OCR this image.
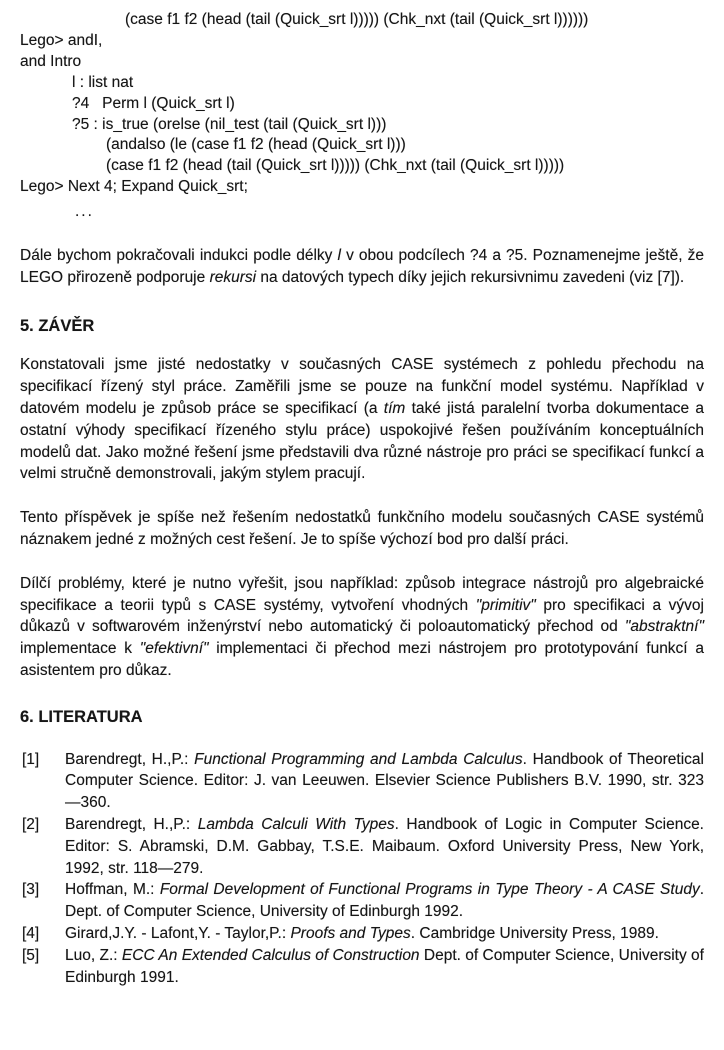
(case f1 f2 (head (tail (Quick_srt l))))) (Chk_nxt (tail (Quick_srt l))))))
Lego> andI,
and Intro
l : list nat
?4   Perm l (Quick_srt l)
?5 : is_true (orelse (nil_test (tail (Quick_srt l)))
(andalso (le (case f1 f2 (head (Quick_srt l)))
(case f1 f2 (head (tail (Quick_srt l))))) (Chk_nxt (tail (Quick_srt l)))))
Lego> Next 4; Expand Quick_srt;
...

Dále bychom pokračovali indukci podle délky l v obou podcílech ?4 a ?5. Poznamenejme ještě, že LEGO přirozeně podporuje rekursi na datových typech díky jejich rekursivnimu zavedeni (viz [7]).

5. ZÁVĚR

Konstatovali jsme jisté nedostatky v současných CASE systémech z pohledu přechodu na specifikací řízený styl práce. Zaměřili jsme se pouze na funkční model systému. Například v datovém modelu je způsob práce se specifikací (a tím také jistá paralelní tvorba dokumentace a ostatní výhody specifikací řízeného stylu práce) uspokojivé řešen používáním konceptuálních modelů dat. Jako možné řešení jsme představili dva různé nástroje pro práci se specifikací funkcí a velmi stručně demonstrovali, jakým stylem pracují.

Tento příspěvek je spíše než řešením nedostatků funkčního modelu současných CASE systémů náznakem jedné z možných cest řešení. Je to spíše výchozí bod pro další práci.

Dílčí problémy, které je nutno vyřešit, jsou například: způsob integrace nástrojů pro algebraické specifikace a teorii typů s CASE systémy, vytvoření vhodných "primitiv" pro specifikaci a vývoj důkazů v softwarovém inženýrství nebo automatický či poloautomatický přechod od "abstraktní" implementace k "efektivní" implementaci či přechod mezi nástrojem pro prototypování funkcí a asistentem pro důkaz.

6. LITERATURA

[1] Barendregt, H.,P.: Functional Programming and Lambda Calculus. Handbook of Theoretical Computer Science. Editor: J. van Leeuwen. Elsevier Science Publishers B.V. 1990, str. 323—360.

[2] Barendregt, H.,P.: Lambda Calculi With Types. Handbook of Logic in Computer Science. Editor: S. Abramski, D.M. Gabbay, T.S.E. Maibaum. Oxford University Press, New York, 1992, str. 118—279.

[3] Hoffman, M.: Formal Development of Functional Programs in Type Theory - A CASE Study. Dept. of Computer Science, University of Edinburgh 1992.

[4] Girard,J.Y. - Lafont,Y. - Taylor,P.: Proofs and Types. Cambridge University Press, 1989.

[5] Luo, Z.: ECC An Extended Calculus of Construction Dept. of Computer Science, University of Edinburgh 1991.
